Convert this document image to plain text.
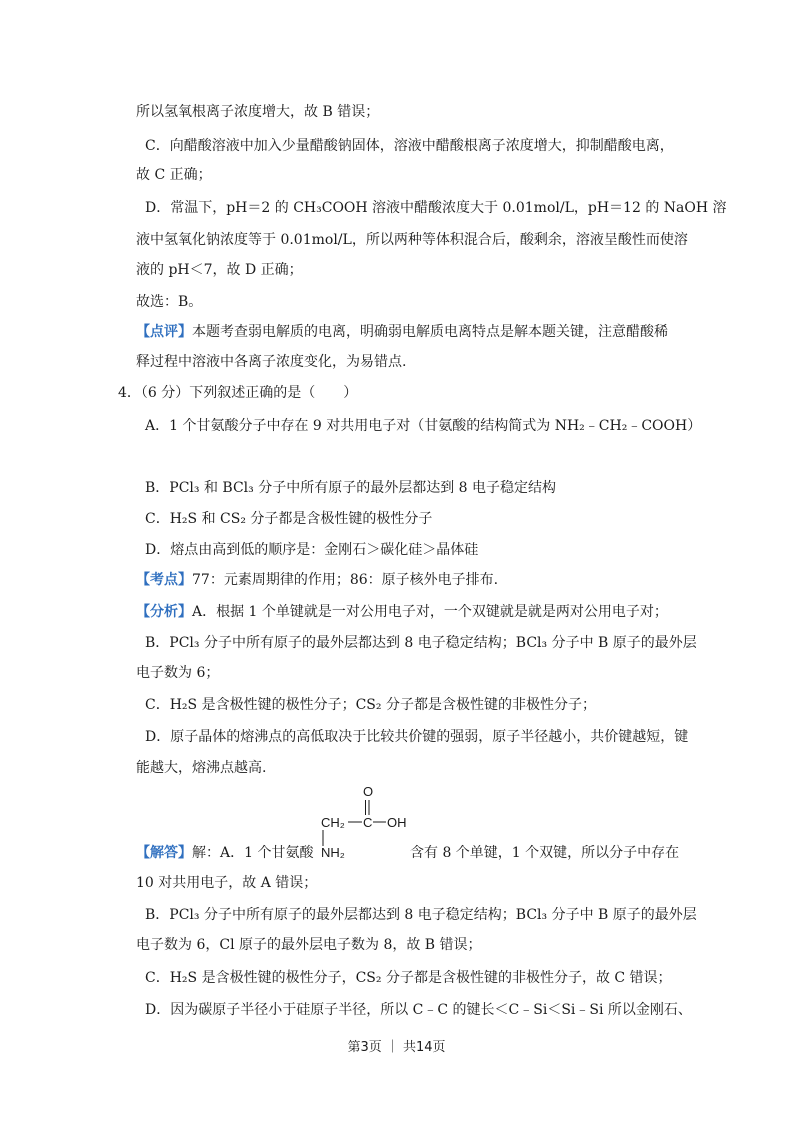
所以氢氧根离子浓度增大，故 B 错误；
C．向醋酸溶液中加入少量醋酸钠固体，溶液中醋酸根离子浓度增大，抑制醋酸电离，
故 C 正确；
D．常温下，pH＝2 的 CH₃COOH 溶液中醋酸浓度大于 0.01mol/L，pH＝12 的 NaOH 溶
液中氢氧化钠浓度等于 0.01mol/L，所以两种等体积混合后，酸剩余，溶液呈酸性而使溶
液的 pH＜7，故 D 正确；
故选：B。
【点评】本题考查弱电解质的电离，明确弱电解质电离特点是解本题关键，注意醋酸稀
释过程中溶液中各离子浓度变化，为易错点.
4．（6 分）下列叙述正确的是（　　）
A．1 个甘氨酸分子中存在 9 对共用电子对（甘氨酸的结构简式为 NH₂﹣CH₂﹣COOH）
B．PCl₃ 和 BCl₃ 分子中所有原子的最外层都达到 8 电子稳定结构
C．H₂S 和 CS₂ 分子都是含极性键的极性分子
D．熔点由高到低的顺序是：金刚石＞碳化硅＞晶体硅
【考点】77：元素周期律的作用；86：原子核外电子排布.
【分析】A．根据 1 个单键就是一对公用电子对，一个双键就是就是两对公用电子对；
B．PCl₃ 分子中所有原子的最外层都达到 8 电子稳定结构；BCl₃ 分子中 B 原子的最外层
电子数为 6；
C．H₂S 是含极性键的极性分子；CS₂ 分子都是含极性键的非极性分子；
D．原子晶体的熔沸点的高低取决于比较共价键的强弱，原子半径越小，共价键越短，键
能越大，熔沸点越高.
O
CH₂ C OH
NH₂
【解答】解：A．1 个甘氨酸	含有 8 个单键，1 个双键，所以分子中存在
10 对共用电子，故 A 错误；
B．PCl₃ 分子中所有原子的最外层都达到 8 电子稳定结构；BCl₃ 分子中 B 原子的最外层
电子数为 6，Cl 原子的最外层电子数为 8，故 B 错误；
C．H₂S 是含极性键的极性分子，CS₂ 分子都是含极性键的非极性分子，故 C 错误；
D．因为碳原子半径小于硅原子半径，所以 C﹣C 的键长＜C﹣Si＜Si﹣Si 所以金刚石、
第3页 ｜ 共14页
